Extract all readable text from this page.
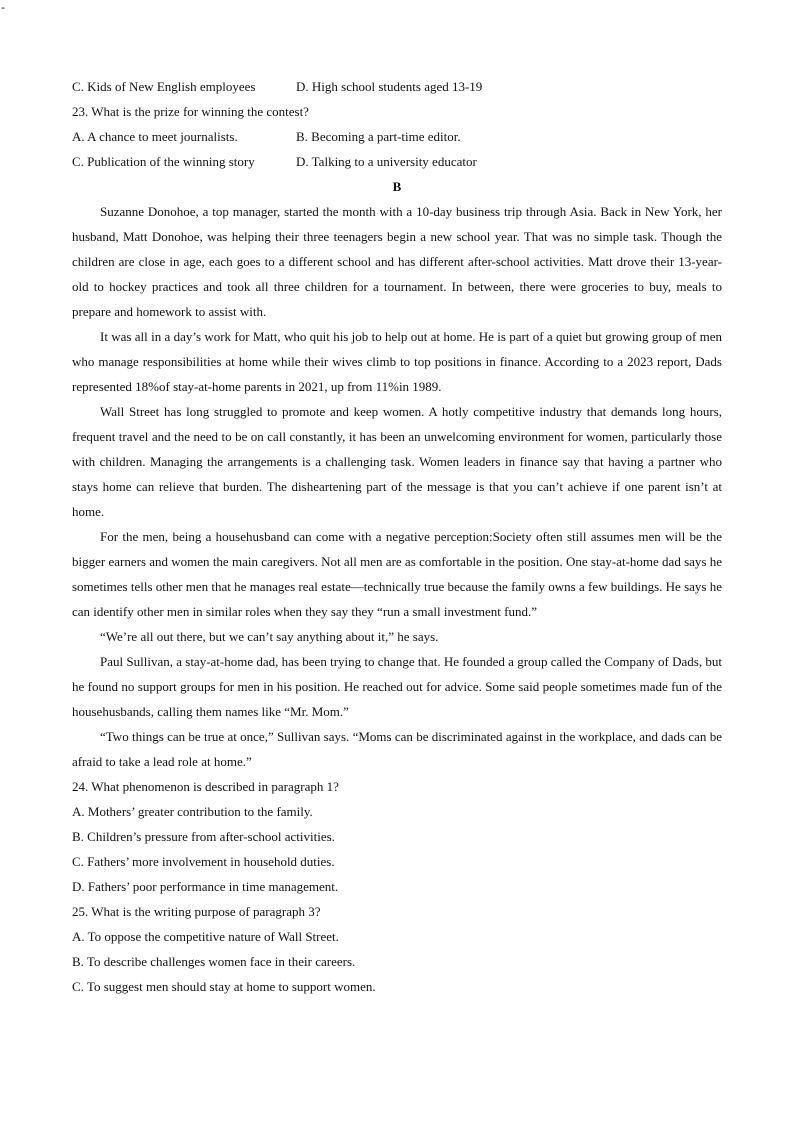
-
C. Kids of New English employees	D. High school students aged 13-19
23. What is the prize for winning the contest?
A. A chance to meet journalists.	B. Becoming a part-time editor.
C. Publication of the winning story	D. Talking to a university educator
B

Suzanne Donohoe, a top manager, started the month with a 10-day business trip through Asia. Back in New York, her husband, Matt Donohoe, was helping their three teenagers begin a new school year. That was no simple task. Though the children are close in age, each goes to a different school and has different after-school activities. Matt drove their 13-year-old to hockey practices and took all three children for a tournament. In between, there were groceries to buy, meals to prepare and homework to assist with.

It was all in a day’s work for Matt, who quit his job to help out at home. He is part of a quiet but growing group of men who manage responsibilities at home while their wives climb to top positions in finance. According to a 2023 report, Dads represented 18%of stay-at-home parents in 2021, up from 11%in 1989.

Wall Street has long struggled to promote and keep women. A hotly competitive industry that demands long hours, frequent travel and the need to be on call constantly, it has been an unwelcoming environment for women, particularly those with children. Managing the arrangements is a challenging task. Women leaders in finance say that having a partner who stays home can relieve that burden. The disheartening part of the message is that you can’t achieve if one parent isn’t at home.

For the men, being a househusband can come with a negative perception:Society often still assumes men will be the bigger earners and women the main caregivers. Not all men are as comfortable in the position. One stay-at-home dad says he sometimes tells other men that he manages real estate—technically true because the family owns a few buildings. He says he can identify other men in similar roles when they say they “run a small investment fund.”

“We’re all out there, but we can’t say anything about it,” he says.

Paul Sullivan, a stay-at-home dad, has been trying to change that. He founded a group called the Company of Dads, but he found no support groups for men in his position. He reached out for advice. Some said people sometimes made fun of the househusbands, calling them names like “Mr. Mom.”

“Two things can be true at once,” Sullivan says. “Moms can be discriminated against in the workplace, and dads can be afraid to take a lead role at home.”

24. What phenomenon is described in paragraph 1?
A. Mothers’ greater contribution to the family.
B. Children’s pressure from after-school activities.
C. Fathers’ more involvement in household duties.
D. Fathers’ poor performance in time management.
25. What is the writing purpose of paragraph 3?
A. To oppose the competitive nature of Wall Street.
B. To describe challenges women face in their careers.
C. To suggest men should stay at home to support women.
